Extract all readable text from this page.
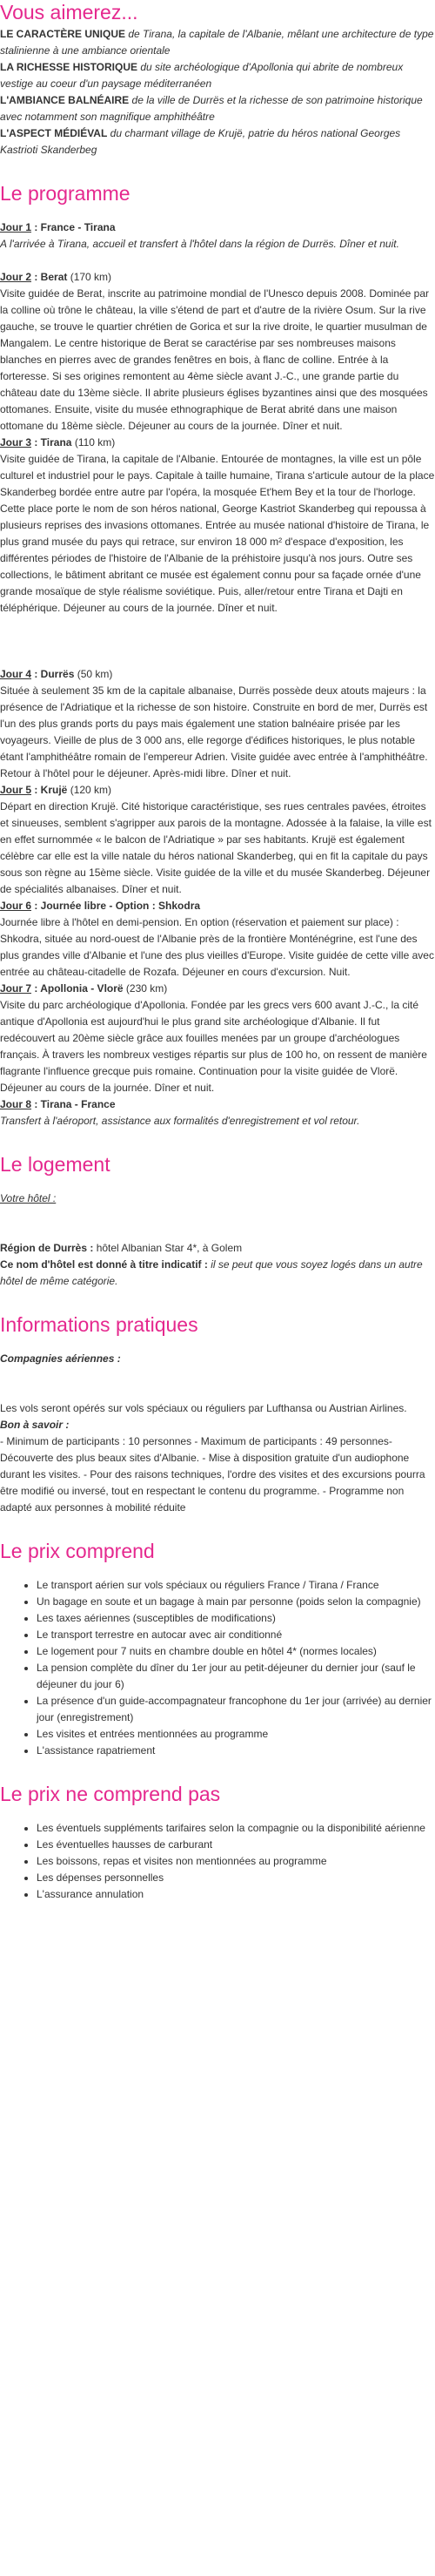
Vous aimerez...

LE CARACTÈRE UNIQUE de Tirana, la capitale de l'Albanie, mêlant une architecture de type stalinienne à une ambiance orientale

LA RICHESSE HISTORIQUE du site archéologique d'Apollonia qui abrite de nombreux vestige au coeur d'un paysage méditerranéen

L'AMBIANCE BALNÉAIRE de la ville de Durrës et la richesse de son patrimoine historique avec notamment son magnifique amphithéâtre

L'ASPECT MÉDIÉVAL du charmant village de Krujë, patrie du héros national Georges Kastrioti Skanderbeg

Le programme

Jour 1 : France - Tirana

A l'arrivée à Tirana, accueil et transfert à l'hôtel dans la région de Durrës. Dîner et nuit.

Jour 2 : Berat (170 km)

Visite guidée de Berat, inscrite au patrimoine mondial de l'Unesco depuis 2008. Dominée par la colline où trône le château, la ville s'étend de part et d'autre de la rivière Osum. Sur la rive gauche, se trouve le quartier chrétien de Gorica et sur la rive droite, le quartier musulman de Mangalem. Le centre historique de Berat se caractérise par ses nombreuses maisons blanches en pierres avec de grandes fenêtres en bois, à flanc de colline. Entrée à la forteresse. Si ses origines remontent au 4ème siècle avant J.-C., une grande partie du château date du 13ème siècle. Il abrite plusieurs églises byzantines ainsi que des mosquées ottomanes. Ensuite, visite du musée ethnographique de Berat abrité dans une maison ottomane du 18ème siècle. Déjeuner au cours de la journée. Dîner et nuit.

Jour 3 : Tirana (110 km)

Visite guidée de Tirana, la capitale de l'Albanie. Entourée de montagnes, la ville est un pôle culturel et industriel pour le pays. Capitale à taille humaine, Tirana s'articule autour de la place Skanderbeg bordée entre autre par l'opéra, la mosquée Et'hem Bey et la tour de l'horloge. Cette place porte le nom de son héros national, George Kastriot Skanderbeg qui repoussa à plusieurs reprises des invasions ottomanes. Entrée au musée national d'histoire de Tirana, le plus grand musée du pays qui retrace, sur environ 18 000 m² d'espace d'exposition, les différentes périodes de l'histoire de l'Albanie de la préhistoire jusqu'à nos jours. Outre ses collections, le bâtiment abritant ce musée est également connu pour sa façade ornée d'une grande mosaïque de style réalisme soviétique. Puis, aller/retour entre Tirana et Dajti en téléphérique. Déjeuner au cours de la journée. Dîner et nuit.

Jour 4 : Durrës (50 km)

Située à seulement 35 km de la capitale albanaise, Durrës possède deux atouts majeurs : la présence de l'Adriatique et la richesse de son histoire. Construite en bord de mer, Durrës est l'un des plus grands ports du pays mais également une station balnéaire prisée par les voyageurs. Vieille de plus de 3 000 ans, elle regorge d'édifices historiques, le plus notable étant l'amphithéâtre romain de l'empereur Adrien. Visite guidée avec entrée à l'amphithéâtre. Retour à l'hôtel pour le déjeuner. Après-midi libre. Dîner et nuit.

Jour 5 : Krujë (120 km)

Départ en direction Krujë. Cité historique caractéristique, ses rues centrales pavées, étroites et sinueuses, semblent s'agripper aux parois de la montagne. Adossée à la falaise, la ville est en effet surnommée « le balcon de l'Adriatique » par ses habitants. Krujë est également célèbre car elle est la ville natale du héros national Skanderbeg, qui en fit la capitale du pays sous son règne au 15ème siècle. Visite guidée de la ville et du musée Skanderbeg. Déjeuner de spécialités albanaises. Dîner et nuit.

Jour 6 : Journée libre - Option : Shkodra

Journée libre à l'hôtel en demi-pension. En option (réservation et paiement sur place) : Shkodra, située au nord-ouest de l'Albanie près de la frontière Monténégrine, est l'une des plus grandes ville d'Albanie et l'une des plus vieilles d'Europe. Visite guidée de cette ville avec entrée au château-citadelle de Rozafa. Déjeuner en cours d'excursion. Nuit.

Jour 7 : Apollonia - Vlorë (230 km)

Visite du parc archéologique d'Apollonia. Fondée par les grecs vers 600 avant J.-C., la cité antique d'Apollonia est aujourd'hui le plus grand site archéologique d'Albanie. Il fut redécouvert au 20ème siècle grâce aux fouilles menées par un groupe d'archéologues français. À travers les nombreux vestiges répartis sur plus de 100 ho, on ressent de manière flagrante l'influence grecque puis romaine. Continuation pour la visite guidée de Vlorë. Déjeuner au cours de la journée. Dîner et nuit.

Jour 8 : Tirana - France

Transfert à l'aéroport, assistance aux formalités d'enregistrement et vol retour.

Le logement

Votre hôtel :

Région de Durrès : hôtel Albanian Star 4*, à Golem

Ce nom d'hôtel est donné à titre indicatif : il se peut que vous soyez logés dans un autre hôtel de même catégorie.

Informations pratiques

Compagnies aériennes :

Les vols seront opérés sur vols spéciaux ou réguliers par Lufthansa ou Austrian Airlines.

Bon à savoir :

- Minimum de participants : 10 personnes - Maximum de participants : 49 personnes- Découverte des plus beaux sites d'Albanie. - Mise à disposition gratuite d'un audiophone durant les visites. - Pour des raisons techniques, l'ordre des visites et des excursions pourra être modifié ou inversé, tout en respectant le contenu du programme. - Programme non adapté aux personnes à mobilité réduite

Le prix comprend
• Le transport aérien sur vols spéciaux ou réguliers France / Tirana / France
• Un bagage en soute et un bagage à main par personne (poids selon la compagnie)
• Les taxes aériennes (susceptibles de modifications)
• Le transport terrestre en autocar avec air conditionné
• Le logement pour 7 nuits en chambre double en hôtel 4* (normes locales)
• La pension complète du dîner du 1er jour au petit-déjeuner du dernier jour (sauf le déjeuner du jour 6)
• La présence d'un guide-accompagnateur francophone du 1er jour (arrivée) au dernier jour (enregistrement)
• Les visites et entrées mentionnées au programme
• L'assistance rapatriement
Le prix ne comprend pas
• Les éventuels suppléments tarifaires selon la compagnie ou la disponibilité aérienne
• Les éventuelles hausses de carburant
• Les boissons, repas et visites non mentionnées au programme
• Les dépenses personnelles
• L'assurance annulation
